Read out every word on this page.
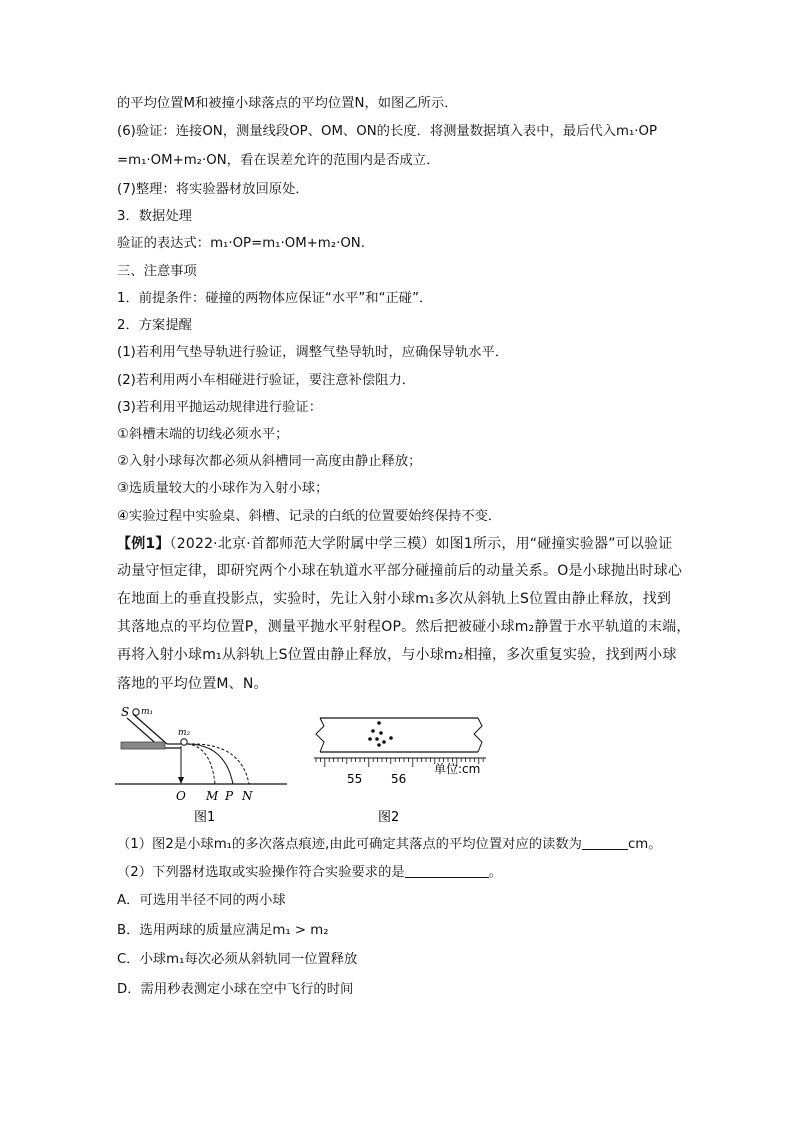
的平均位置M和被撞小球落点的平均位置N，如图乙所示．
(6)验证：连接ON，测量线段OP、OM、ON的长度．将测量数据填入表中，最后代入m₁·OP
=m₁·OM+m₂·ON，看在误差允许的范围内是否成立．
(7)整理：将实验器材放回原处．
3．数据处理
验证的表达式：m₁·OP=m₁·OM+m₂·ON.
三、注意事项
1．前提条件：碰撞的两物体应保证“水平”和“正碰”．
2．方案提醒
(1)若利用气垫导轨进行验证，调整气垫导轨时，应确保导轨水平．
(2)若利用两小车相碰进行验证，要注意补偿阻力．
(3)若利用平抛运动规律进行验证：
①斜槽末端的切线必须水平；
②入射小球每次都必须从斜槽同一高度由静止释放；
③选质量较大的小球作为入射小球；
④实验过程中实验桌、斜槽、记录的白纸的位置要始终保持不变．
【例1】（2022·北京·首都师范大学附属中学三模）如图1所示，用“碰撞实验器”可以验证
动量守恒定律，即研究两个小球在轨道水平部分碰撞前后的动量关系。O是小球抛出时球心
在地面上的垂直投影点，实验时，先让入射小球m₁多次从斜轨上S位置由静止释放，找到
其落地点的平均位置P，测量平抛水平射程OP。然后把被碰小球m₂静置于水平轨道的末端，
再将入射小球m₁从斜轨上S位置由静止释放，与小球m₂相撞，多次重复实验，找到两小球
落地的平均位置M、N。
S m₁
m₂
O M P N
图1
55 56
单位:cm
图2
（1）图2是小球m₁的多次落点痕迹,由此可确定其落点的平均位置对应的读数为	cm。
（2）下列器材选取或实验操作符合实验要求的是	。
A．可选用半径不同的两小球
B．选用两球的质量应满足m₁ > m₂
C．小球m₁每次必须从斜轨同一位置释放
D．需用秒表测定小球在空中飞行的时间
